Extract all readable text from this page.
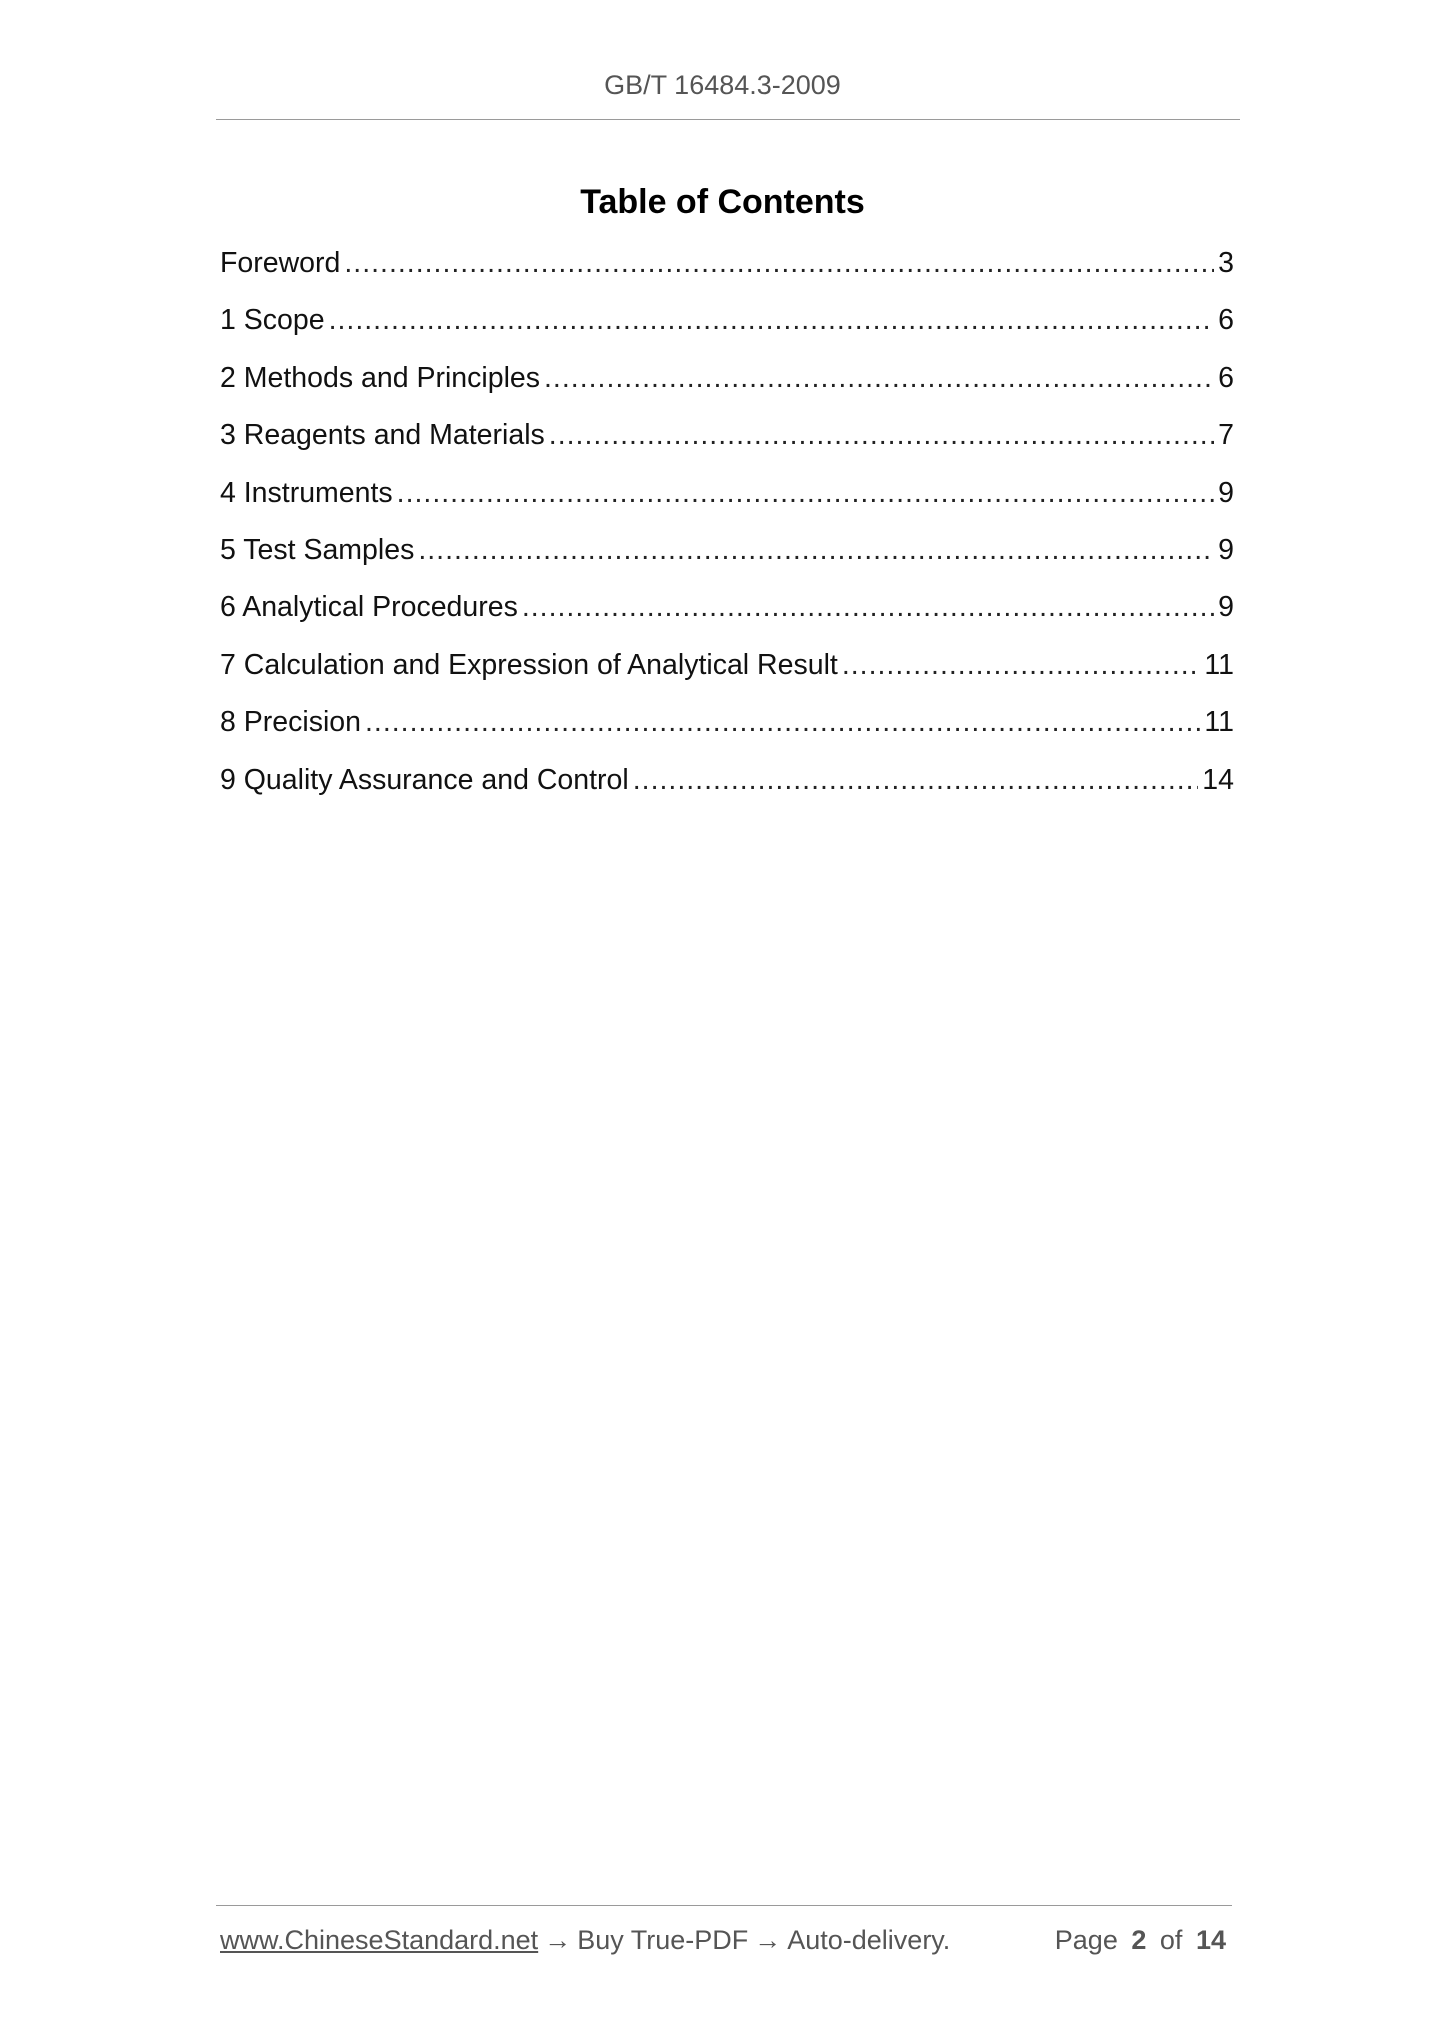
GB/T 16484.3-2009
Table of Contents
Foreword .....	3
1 Scope .....	6
2 Methods and Principles .....	6
3 Reagents and Materials .....	7
4 Instruments .....	9
5 Test Samples .....	9
6 Analytical Procedures .....	9
7 Calculation and Expression of Analytical Result .....	11
8 Precision .....	11
9 Quality Assurance and Control .....	14
www.ChineseStandard.net → Buy True-PDF → Auto-delivery.	Page 2 of 14
